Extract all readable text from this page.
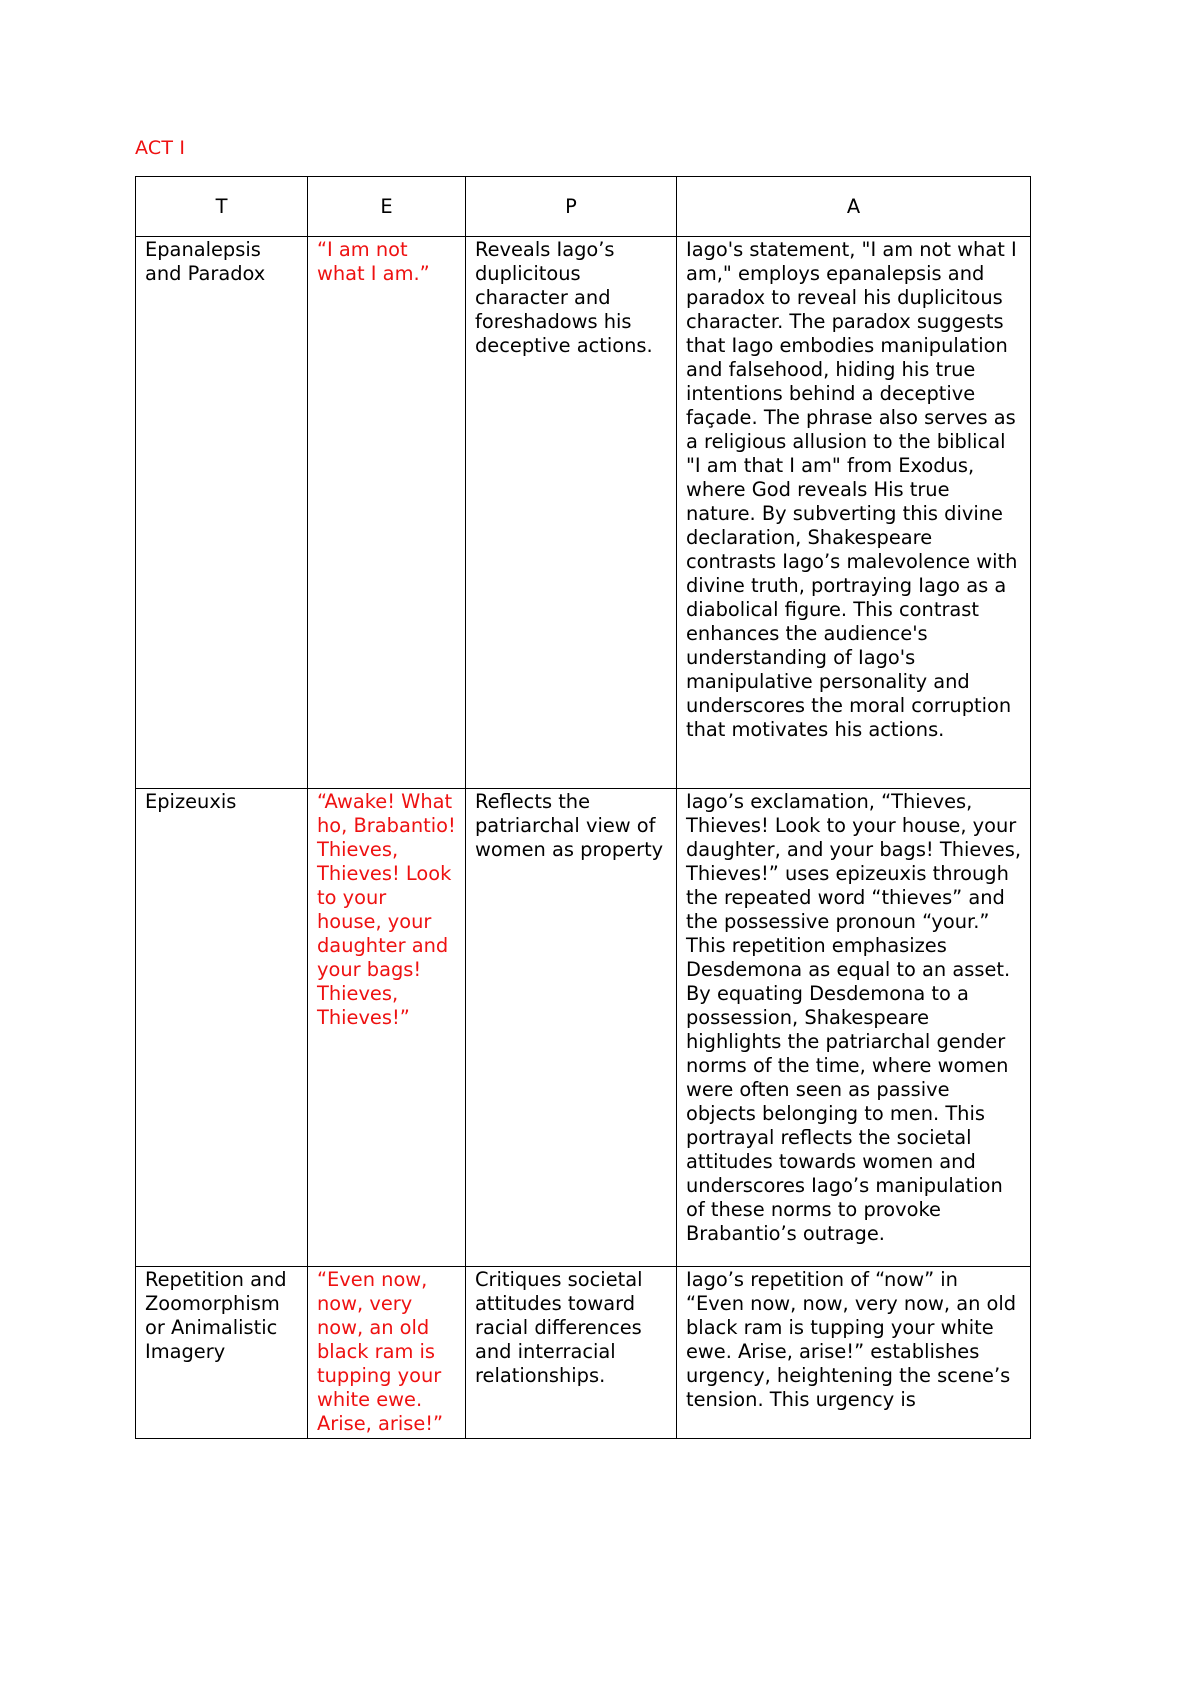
ACT I
T	E	P	A
Epanalepsis and Paradox	“I am not what I am.”	Reveals Iago’s duplicitous character and foreshadows his deceptive actions.	Iago's statement, "I am not what I am," employs epanalepsis and paradox to reveal his duplicitous character. The paradox suggests that Iago embodies manipulation and falsehood, hiding his true intentions behind a deceptive façade. The phrase also serves as a religious allusion to the biblical "I am that I am" from Exodus, where God reveals His true nature. By subverting this divine declaration, Shakespeare contrasts Iago’s malevolence with divine truth, portraying Iago as a diabolical figure. This contrast enhances the audience's understanding of Iago's manipulative personality and underscores the moral corruption that motivates his actions.
Epizeuxis	“Awake! What ho, Brabantio! Thieves, Thieves! Look to your house, your daughter and your bags! Thieves, Thieves!”	Reflects the patriarchal view of women as property	Iago’s exclamation, “Thieves, Thieves! Look to your house, your daughter, and your bags! Thieves, Thieves!” uses epizeuxis through the repeated word “thieves” and the possessive pronoun “your.” This repetition emphasizes Desdemona as equal to an asset. By equating Desdemona to a possession, Shakespeare highlights the patriarchal gender norms of the time, where women were often seen as passive objects belonging to men. This portrayal reflects the societal attitudes towards women and underscores Iago’s manipulation of these norms to provoke Brabantio’s outrage.
Repetition and Zoomorphism or Animalistic Imagery	“Even now, now, very now, an old black ram is tupping your white ewe. Arise, arise!”	Critiques societal attitudes toward racial differences and interracial relationships.	Iago’s repetition of “now” in “Even now, now, very now, an old black ram is tupping your white ewe. Arise, arise!” establishes urgency, heightening the scene’s tension. This urgency is
